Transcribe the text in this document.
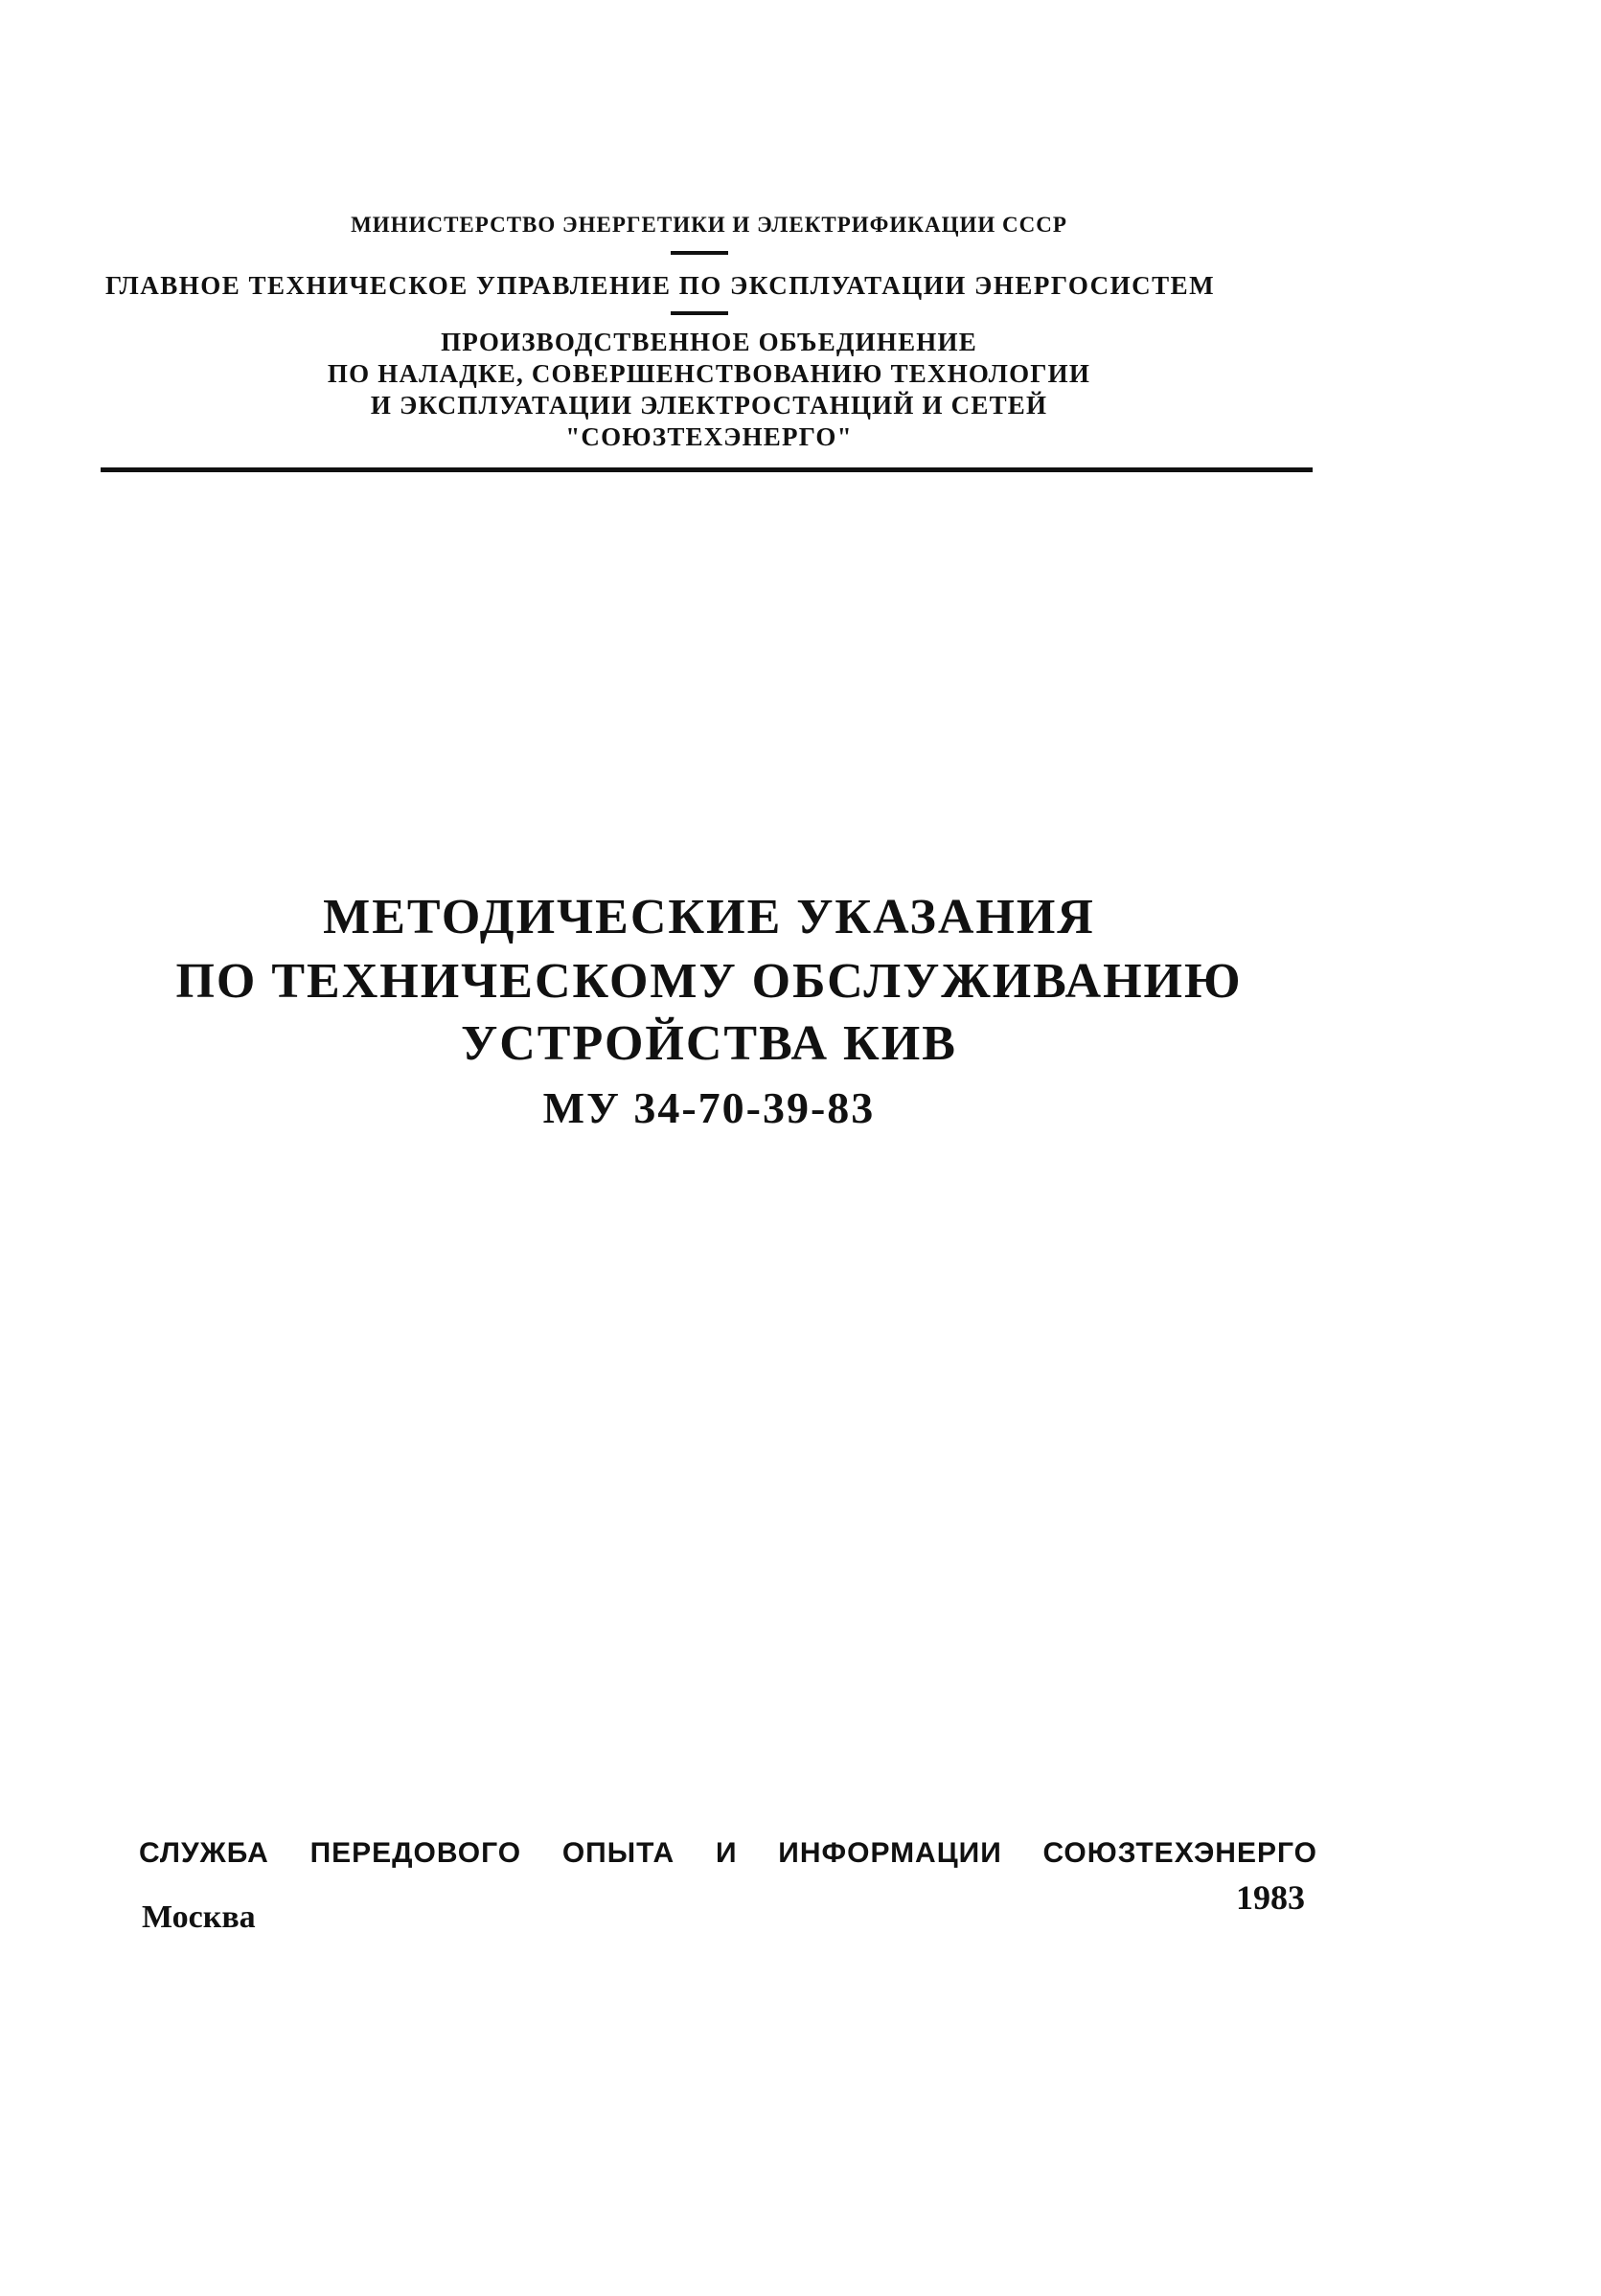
МИНИСТЕРСТВО ЭНЕРГЕТИКИ И ЭЛЕКТРИФИКАЦИИ СССР
ГЛАВНОЕ ТЕХНИЧЕСКОЕ УПРАВЛЕНИЕ ПО ЭКСПЛУАТАЦИИ ЭНЕРГОСИСТЕМ
ПРОИЗВОДСТВЕННОЕ ОБЪЕДИНЕНИЕ
ПО НАЛАДКЕ, СОВЕРШЕНСТВОВАНИЮ ТЕХНОЛОГИИ
И ЭКСПЛУАТАЦИИ ЭЛЕКТРОСТАНЦИЙ И СЕТЕЙ
"СОЮЗТЕХЭНЕРГО"
МЕТОДИЧЕСКИЕ УКАЗАНИЯ
ПО ТЕХНИЧЕСКОМУ ОБСЛУЖИВАНИЮ
УСТРОЙСТВА КИВ
МУ 34-70-39-83
СЛУЖБА ПЕРЕДОВОГО ОПЫТА И ИНФОРМАЦИИ СОЮЗТЕХЭНЕРГО
1983
Москва
